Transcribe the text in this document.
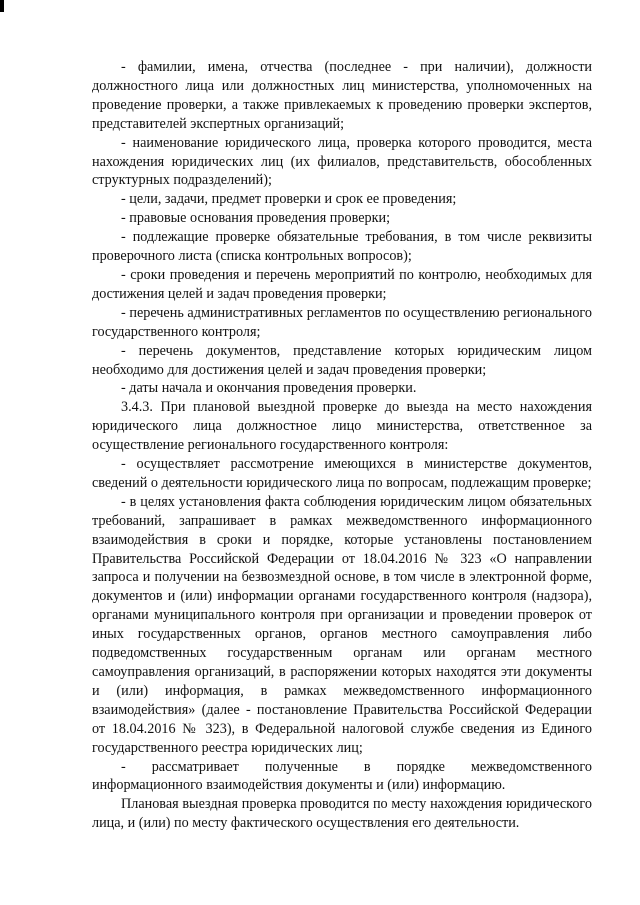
- фамилии, имена, отчества (последнее - при наличии), должности должностного лица или должностных лиц министерства, уполномоченных на проведение проверки, а также привлекаемых к проведению проверки экспертов, представителей экспертных организаций;

- наименование юридического лица, проверка которого проводится, места нахождения юридических лиц (их филиалов, представительств, обособленных структурных подразделений);

- цели, задачи, предмет проверки и срок ее проведения;

- правовые основания проведения проверки;

- подлежащие проверке обязательные требования, в том числе реквизиты проверочного листа (списка контрольных вопросов);

- сроки проведения и перечень мероприятий по контролю, необходимых для достижения целей и задач проведения проверки;

- перечень административных регламентов по осуществлению регионального государственного контроля;

- перечень документов, представление которых юридическим лицом необходимо для достижения целей и задач проведения проверки;

- даты начала и окончания проведения проверки.

3.4.3. При плановой выездной проверке до выезда на место нахождения юридического лица должностное лицо министерства, ответственное за осуществление регионального государственного контроля:

- осуществляет рассмотрение имеющихся в министерстве документов, сведений о деятельности юридического лица по вопросам, подлежащим проверке;

- в целях установления факта соблюдения юридическим лицом обязательных требований, запрашивает в рамках межведомственного информационного взаимодействия в сроки и порядке, которые установлены постановлением Правительства Российской Федерации от 18.04.2016 № 323 «О направлении запроса и получении на безвозмездной основе, в том числе в электронной форме, документов и (или) информации органами государственного контроля (надзора), органами муниципального контроля при организации и проведении проверок от иных государственных органов, органов местного самоуправления либо подведомственных государственным органам или органам местного самоуправления организаций, в распоряжении которых находятся эти документы и (или) информация, в рамках межведомственного информационного взаимодействия» (далее - постановление Правительства Российской Федерации от 18.04.2016 № 323), в Федеральной налоговой службе сведения из Единого государственного реестра юридических лиц;

- рассматривает полученные в порядке межведомственного информационного взаимодействия документы и (или) информацию.

Плановая выездная проверка проводится по месту нахождения юридического лица, и (или) по месту фактического осуществления его деятельности.
